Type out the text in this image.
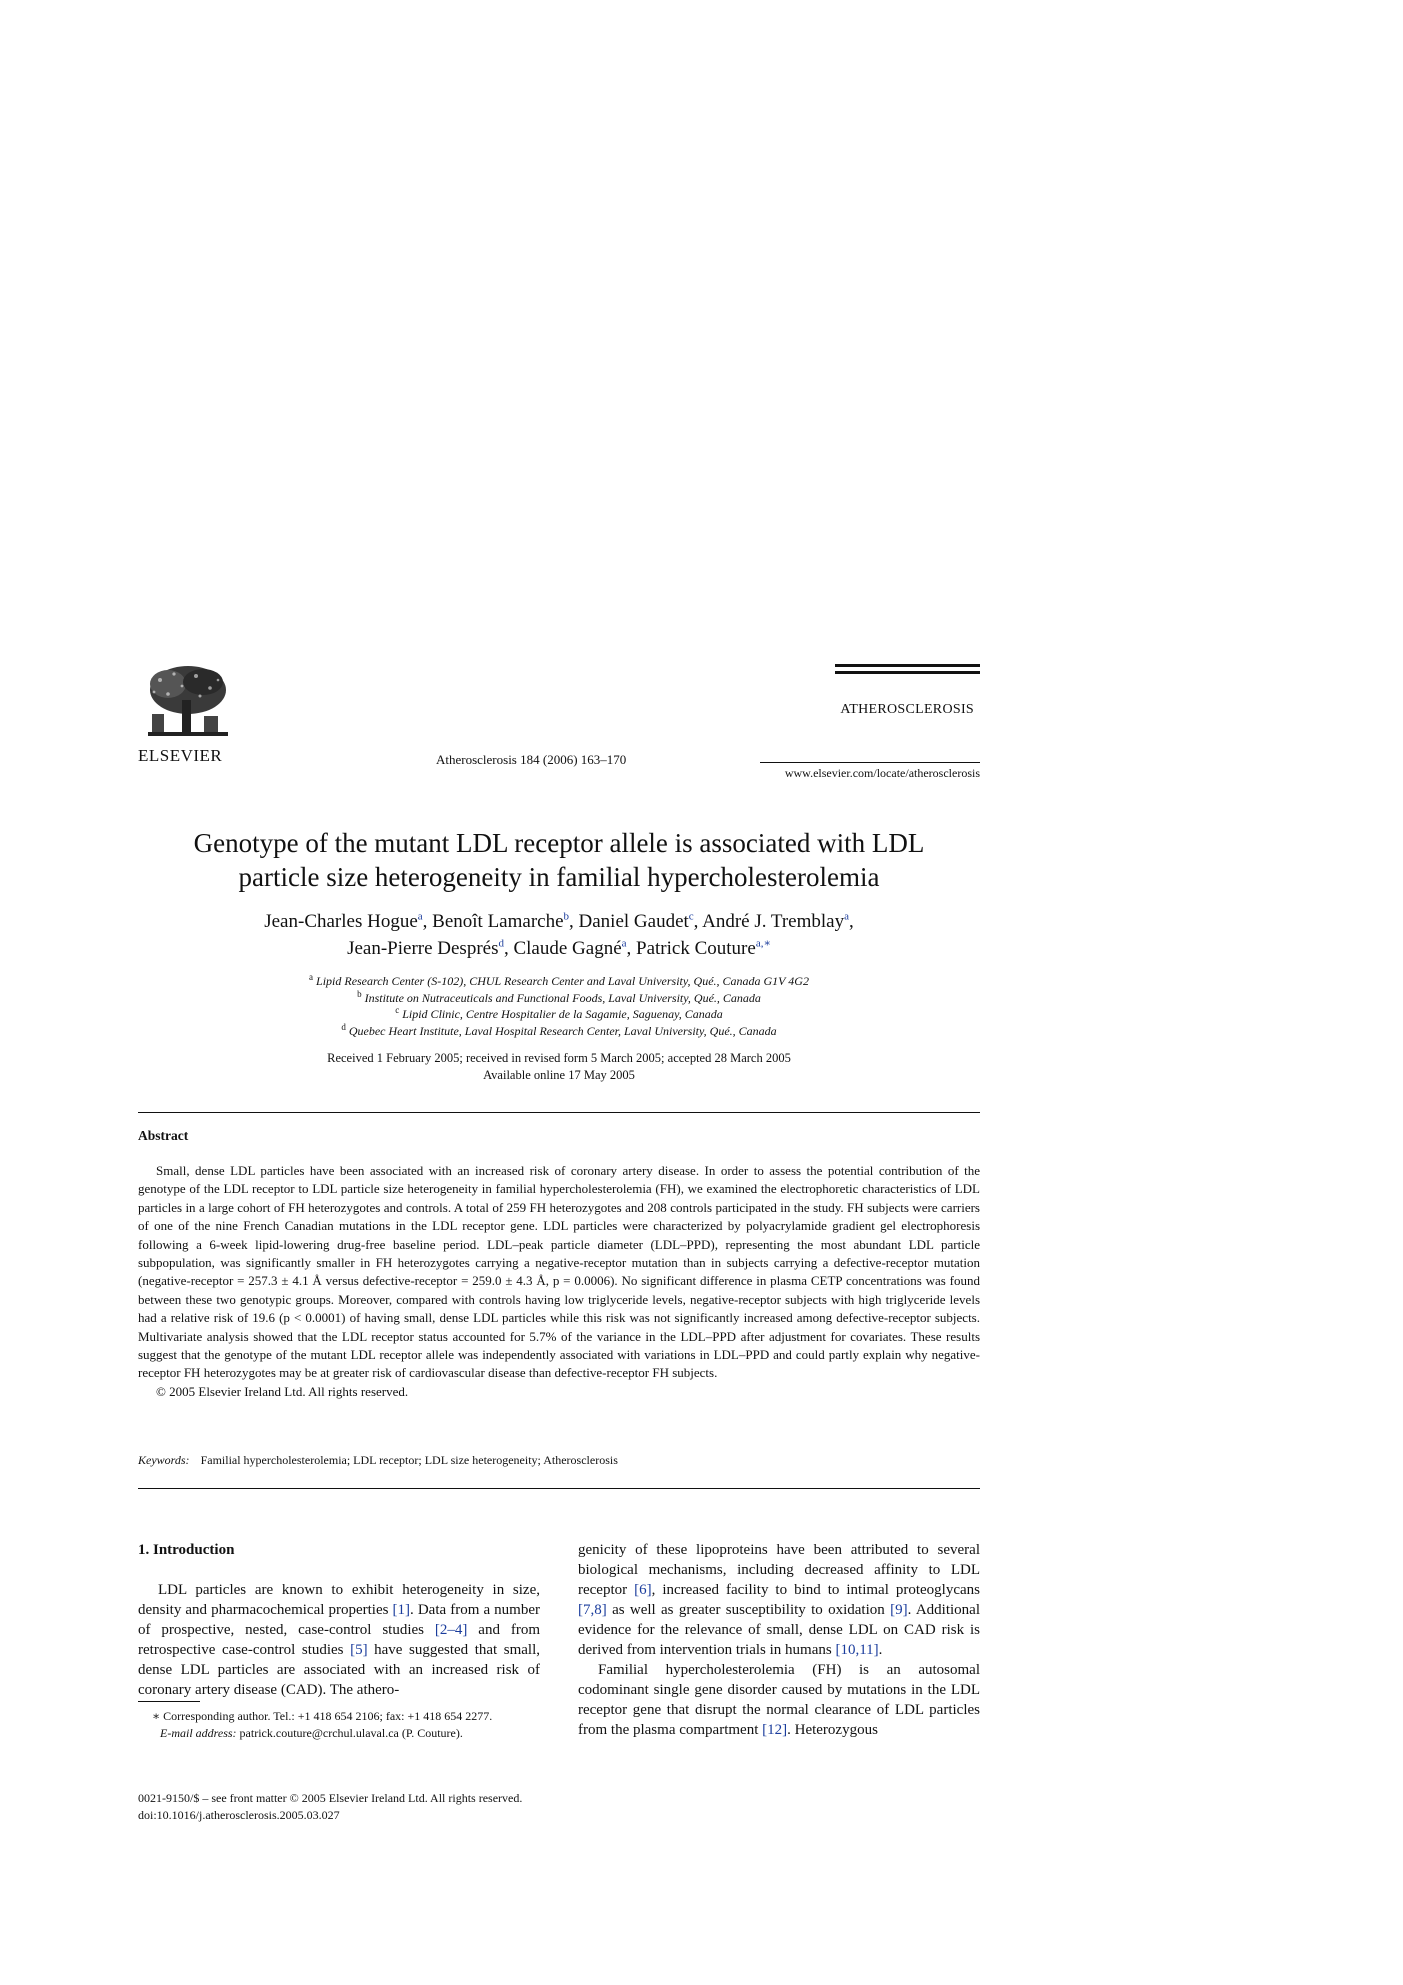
ELSEVIER	Atherosclerosis 184 (2006) 163–170
ATHEROSCLEROSIS
www.elsevier.com/locate/atherosclerosis
Genotype of the mutant LDL receptor allele is associated with LDL
particle size heterogeneity in familial hypercholesterolemia
Jean-Charles Hogue$^a$, Benoît Lamarche$^b$, Daniel Gaudet$^c$, André J. Tremblay$^a$,
Jean-Pierre Després$^d$, Claude Gagné$^a$, Patrick Couture$^{a,∗}$
$^a$ Lipid Research Center (S-102), CHUL Research Center and Laval University, Qué., Canada G1V 4G2
$^b$ Institute on Nutraceuticals and Functional Foods, Laval University, Qué., Canada
$^c$ Lipid Clinic, Centre Hospitalier de la Sagamie, Saguenay, Canada
$^d$ Quebec Heart Institute, Laval Hospital Research Center, Laval University, Qué., Canada
Received 1 February 2005; received in revised form 5 March 2005; accepted 28 March 2005
Available online 17 May 2005
Abstract

Small, dense LDL particles have been associated with an increased risk of coronary artery disease. In order to assess the potential contribution of the genotype of the LDL receptor to LDL particle size heterogeneity in familial hypercholesterolemia (FH), we examined the electrophoretic characteristics of LDL particles in a large cohort of FH heterozygotes and controls. A total of 259 FH heterozygotes and 208 controls participated in the study. FH subjects were carriers of one of the nine French Canadian mutations in the LDL receptor gene. LDL particles were characterized by polyacrylamide gradient gel electrophoresis following a 6-week lipid-lowering drug-free baseline period. LDL–peak particle diameter (LDL–PPD), representing the most abundant LDL particle subpopulation, was significantly smaller in FH heterozygotes carrying a negative-receptor mutation than in subjects carrying a defective-receptor mutation (negative-receptor = 257.3 ± 4.1 Å versus defective-receptor = 259.0 ± 4.3 Å, p = 0.0006). No significant difference in plasma CETP concentrations was found between these two genotypic groups. Moreover, compared with controls having low triglyceride levels, negative-receptor subjects with high triglyceride levels had a relative risk of 19.6 (p < 0.0001) of having small, dense LDL particles while this risk was not significantly increased among defective-receptor subjects. Multivariate analysis showed that the LDL receptor status accounted for 5.7% of the variance in the LDL–PPD after adjustment for covariates. These results suggest that the genotype of the mutant LDL receptor allele was independently associated with variations in LDL–PPD and could partly explain why negative-receptor FH heterozygotes may be at greater risk of cardiovascular disease than defective-receptor FH subjects.

© 2005 Elsevier Ireland Ltd. All rights reserved.

Keywords: Familial hypercholesterolemia; LDL receptor; LDL size heterogeneity; Atherosclerosis
1. Introduction

LDL particles are known to exhibit heterogeneity in size, density and pharmacochemical properties [1]. Data from a number of prospective, nested, case-control studies [2–4] and from retrospective case-control studies [5] have suggested that small, dense LDL particles are associated with an increased risk of coronary artery disease (CAD). The athero-

genicity of these lipoproteins have been attributed to several biological mechanisms, including decreased affinity to LDL receptor [6], increased facility to bind to intimal proteoglycans [7,8] as well as greater susceptibility to oxidation [9]. Additional evidence for the relevance of small, dense LDL on CAD risk is derived from intervention trials in humans [10,11].

Familial hypercholesterolemia (FH) is an autosomal codominant single gene disorder caused by mutations in the LDL receptor gene that disrupt the normal clearance of LDL particles from the plasma compartment [12]. Heterozygous

∗ Corresponding author. Tel.: +1 418 654 2106; fax: +1 418 654 2277.
E-mail address: patrick.couture@crchul.ulaval.ca (P. Couture).
0021-9150/$ – see front matter © 2005 Elsevier Ireland Ltd. All rights reserved.
doi:10.1016/j.atherosclerosis.2005.03.027
